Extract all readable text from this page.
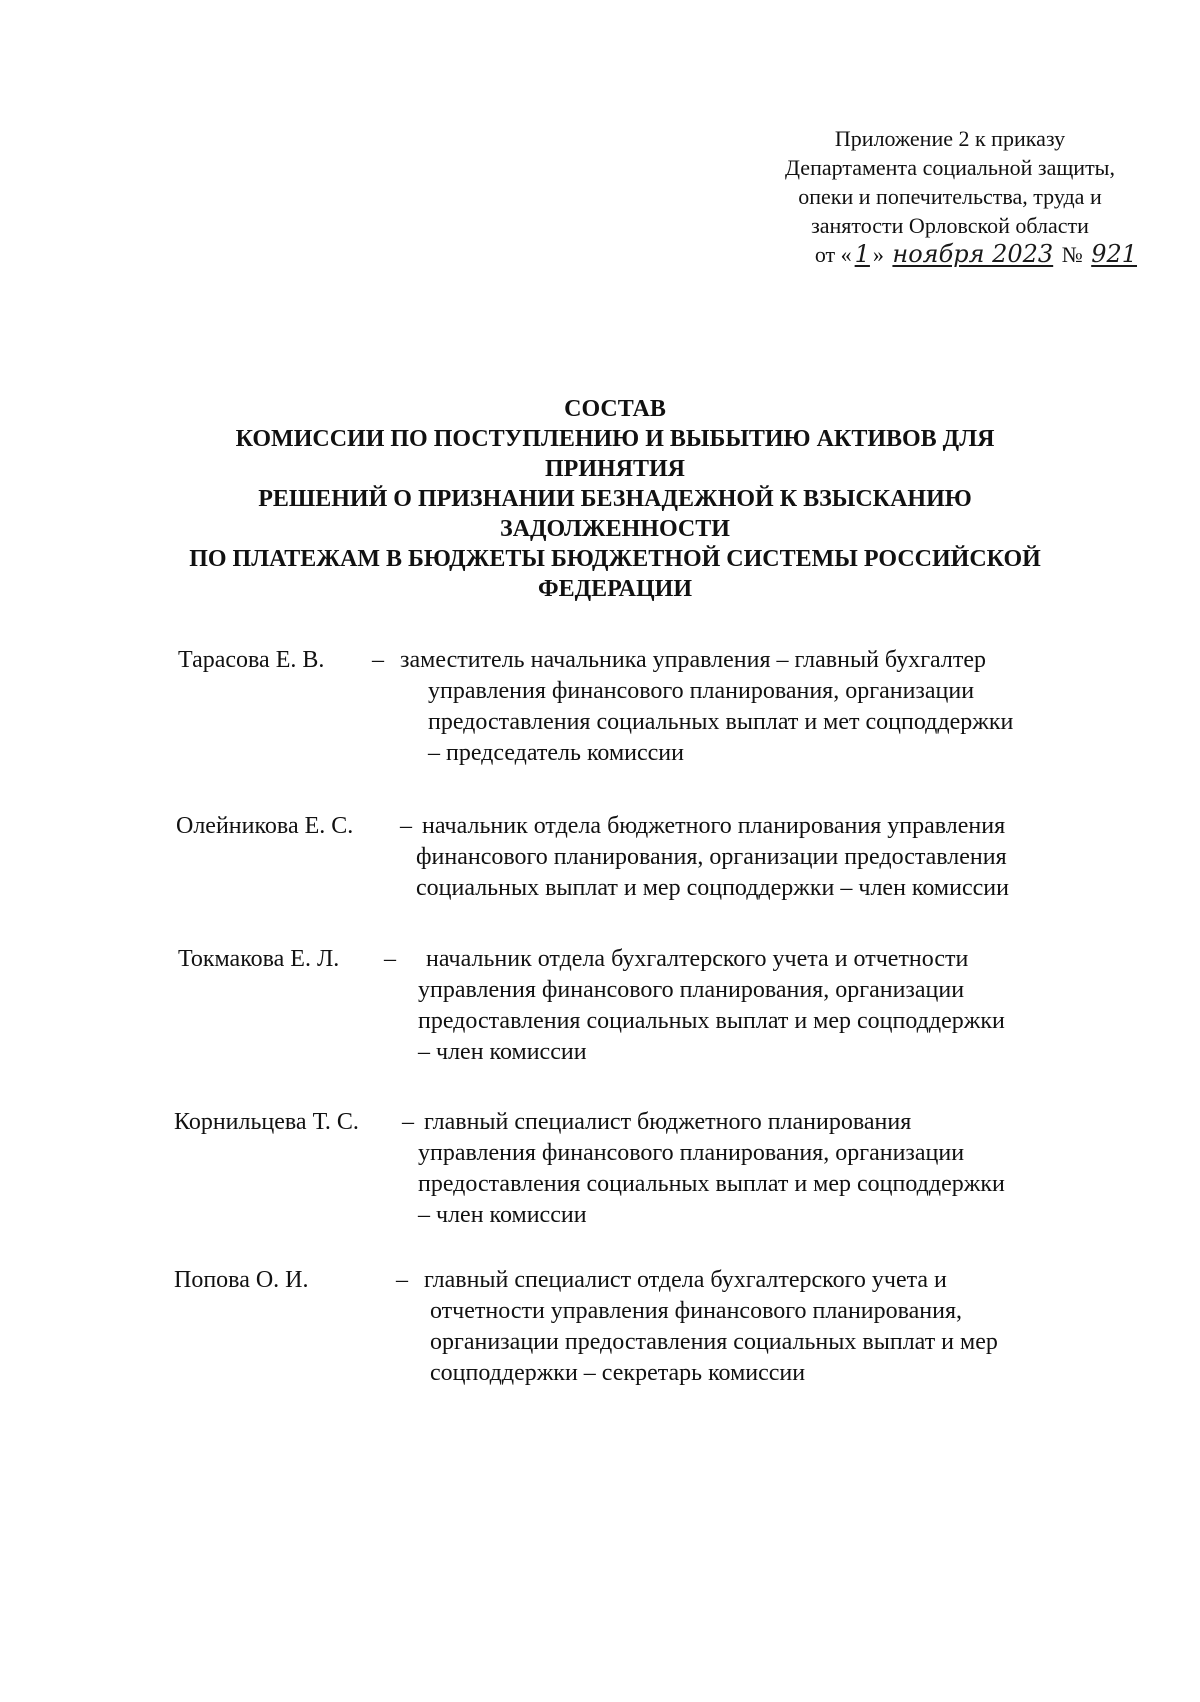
Приложение 2 к приказу
Департамента социальной защиты,
опеки и попечительства, труда и
занятости Орловской области
от « 1 » ноября 2023 № 921
СОСТАВ
КОМИССИИ ПО ПОСТУПЛЕНИЮ И ВЫБЫТИЮ АКТИВОВ ДЛЯ
ПРИНЯТИЯ
РЕШЕНИЙ О ПРИЗНАНИИ БЕЗНАДЕЖНОЙ К ВЗЫСКАНИЮ
ЗАДОЛЖЕННОСТИ
ПО ПЛАТЕЖАМ В БЮДЖЕТЫ БЮДЖЕТНОЙ СИСТЕМЫ РОССИЙСКОЙ
ФЕДЕРАЦИИ
Тарасова Е. В. – заместитель начальника управления – главный бухгалтер
управления финансового планирования, организации
предоставления социальных выплат и мет соцподдержки
– председатель комиссии
Олейникова Е. С. – начальник отдела бюджетного планирования управления
финансового планирования, организации предоставления
социальных выплат и мер соцподдержки – член комиссии
Токмакова Е. Л. – начальник отдела бухгалтерского учета и отчетности
управления финансового планирования, организации
предоставления социальных выплат и мер соцподдержки
– член комиссии
Корнильцева Т. С. – главный специалист бюджетного планирования
управления финансового планирования, организации
предоставления социальных выплат и мер соцподдержки
– член комиссии
Попова О. И.	– главный специалист отдела бухгалтерского учета и
отчетности управления финансового планирования,
организации предоставления социальных выплат и мер
соцподдержки – секретарь комиссии
